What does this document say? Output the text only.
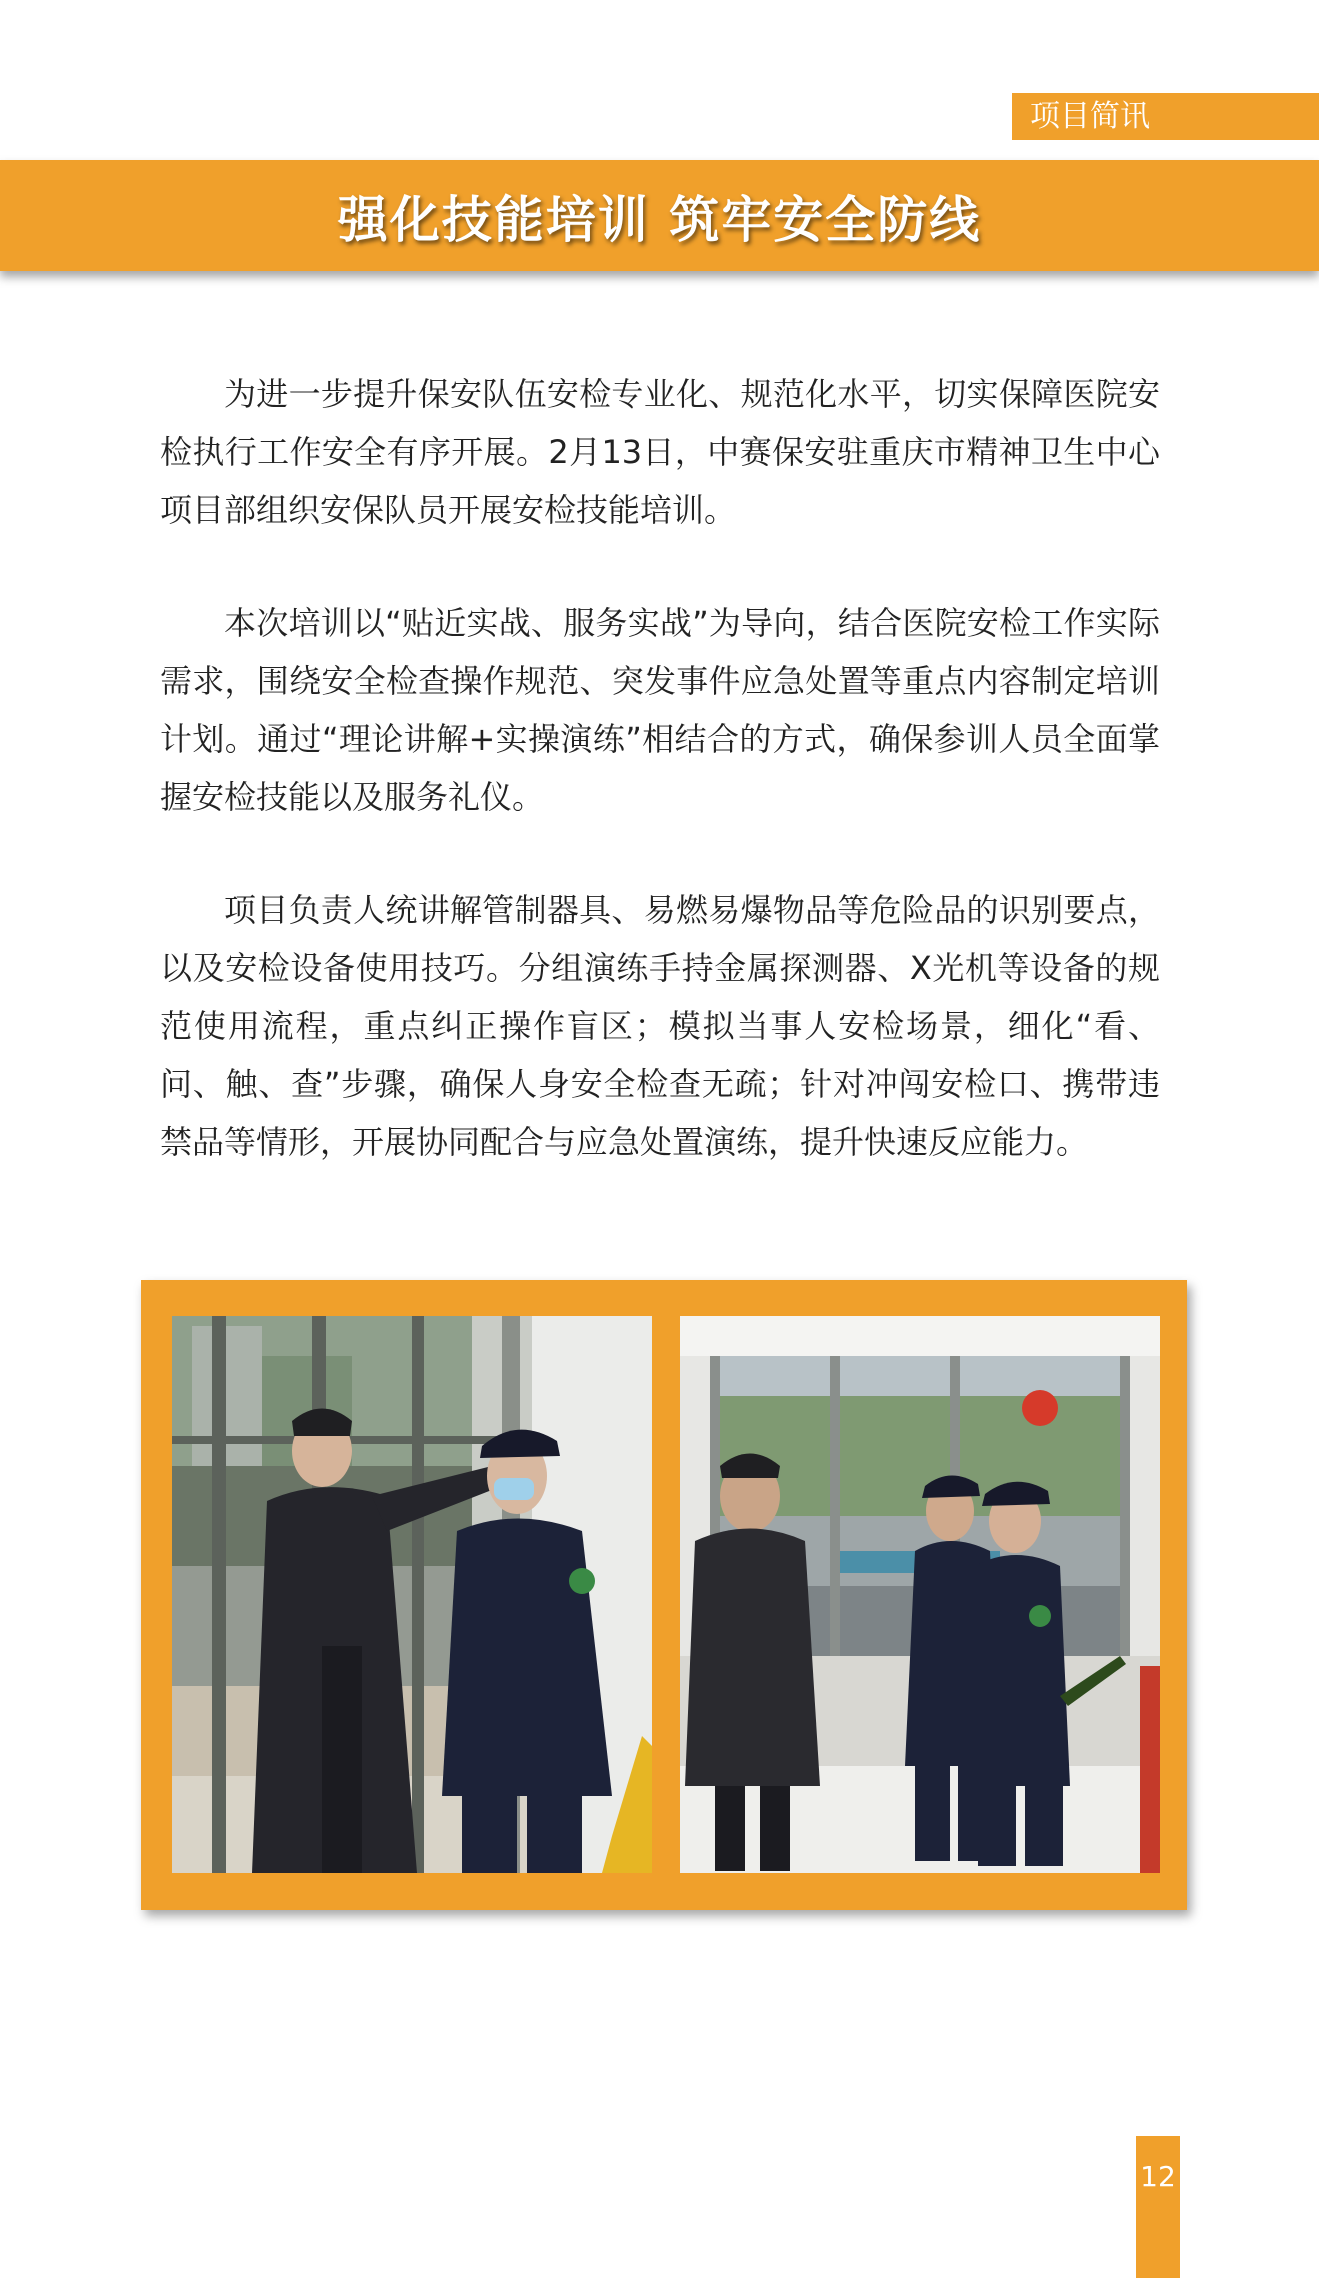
项目简讯
强化技能培训 筑牢安全防线

为进一步提升保安队伍安检专业化、规范化水平，切实保障医院安检执行工作安全有序开展。2月13日，中赛保安驻重庆市精神卫生中心项目部组织安保队员开展安检技能培训。

本次培训以“贴近实战、服务实战”为导向，结合医院安检工作实际需求，围绕安全检查操作规范、突发事件应急处置等重点内容制定培训计划。通过“理论讲解+实操演练”相结合的方式，确保参训人员全面掌握安检技能以及服务礼仪。

项目负责人统讲解管制器具、易燃易爆物品等危险品的识别要点，以及安检设备使用技巧。分组演练手持金属探测器、X光机等设备的规范使用流程，重点纠正操作盲区；模拟当事人安检场景，细化“看、问、触、查”步骤，确保人身安全检查无疏；针对冲闯安检口、携带违禁品等情形，开展协同配合与应急处置演练，提升快速反应能力。

12
